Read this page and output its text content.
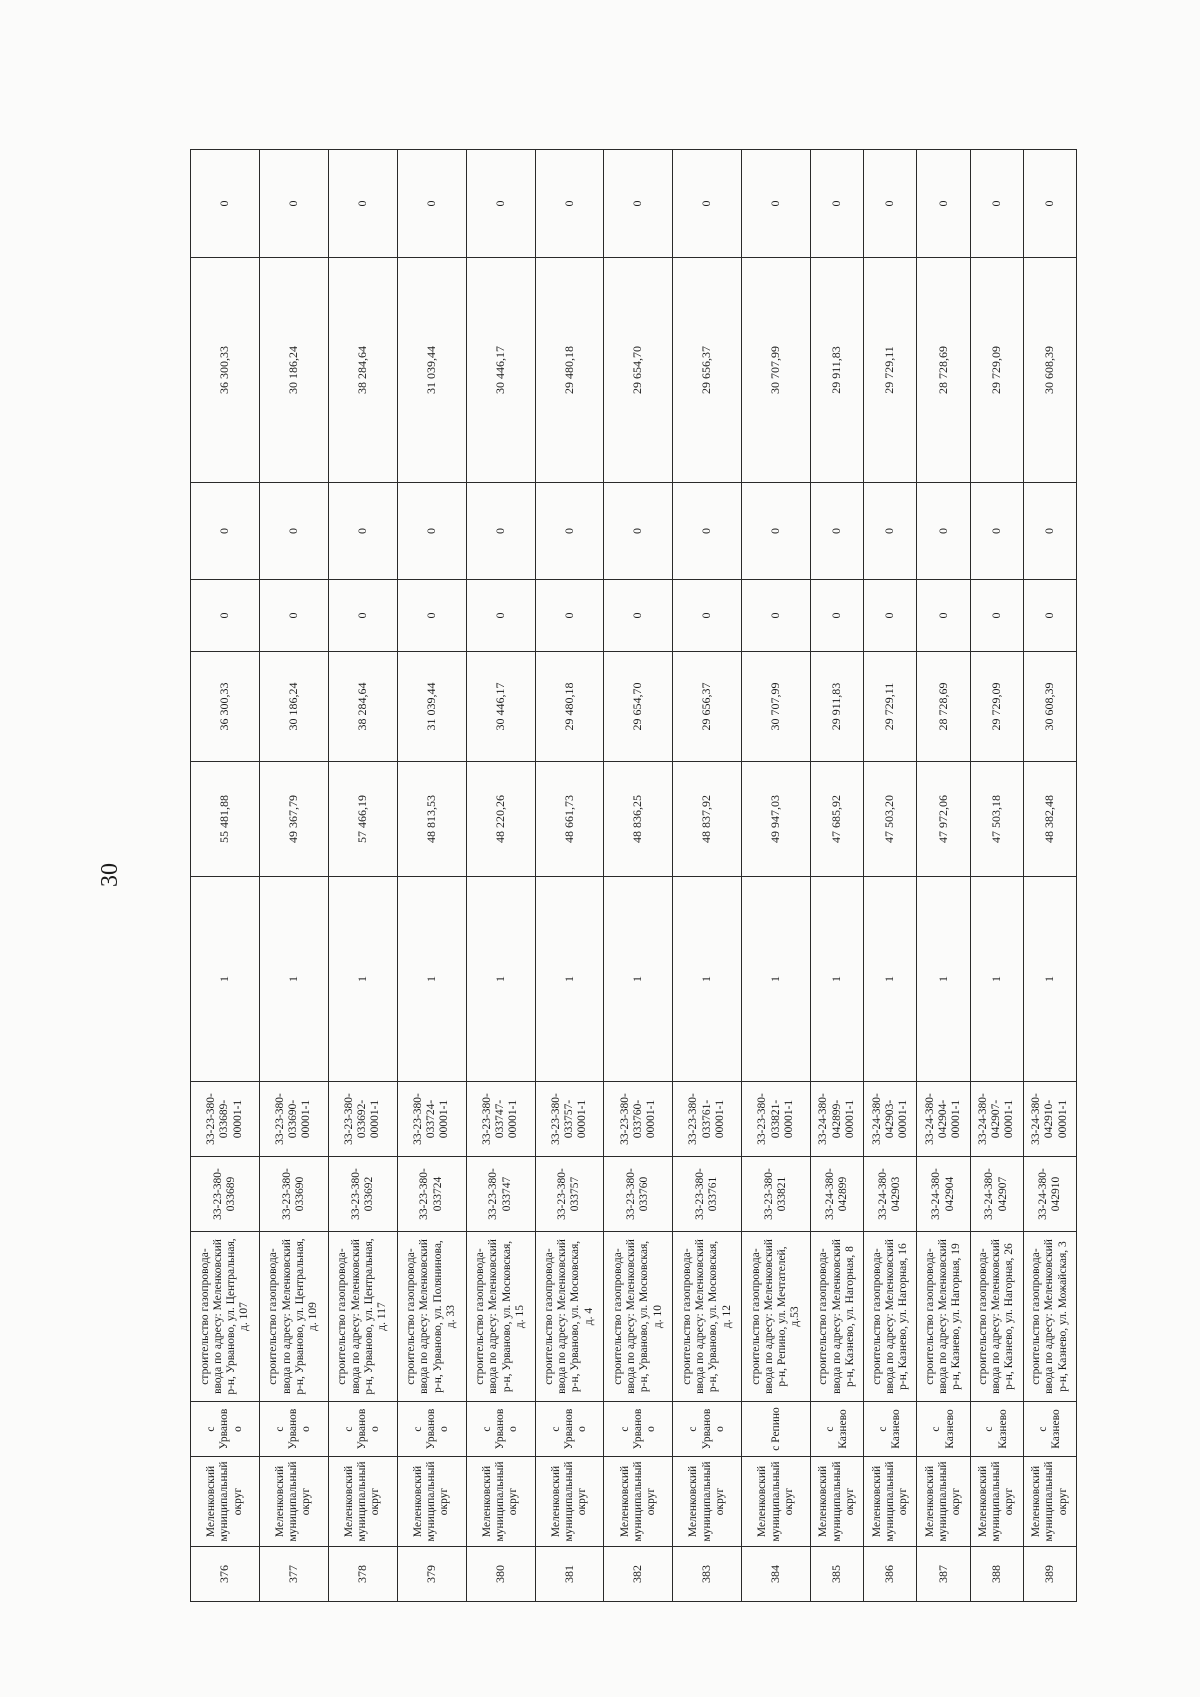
30
376	Меленковский муниципальный округ	с Урванов о	строительство газопровода-ввода по адресу: Меленковский р-н, Урваново, ул. Центральная, д. 107	33-23-380-033689	33-23-380-033689-00001-1	1	55 481,88	36 300,33	0	0	36 300,33	0
377	Меленковский муниципальный округ	с Урванов о	строительство газопровода-ввода по адресу: Меленковский р-н, Урваново, ул. Центральная, д. 109	33-23-380-033690	33-23-380-033690-00001-1	1	49 367,79	30 186,24	0	0	30 186,24	0
378	Меленковский муниципальный округ	с Урванов о	строительство газопровода-ввода по адресу: Меленковский р-н, Урваново, ул. Центральная, д. 117	33-23-380-033692	33-23-380-033692-00001-1	1	57 466,19	38 284,64	0	0	38 284,64	0
379	Меленковский муниципальный округ	с Урванов о	строительство газопровода-ввода по адресу: Меленковский р-н, Урваново, ул. Полянинова, д. 33	33-23-380-033724	33-23-380-033724-00001-1	1	48 813,53	31 039,44	0	0	31 039,44	0
380	Меленковский муниципальный округ	с Урванов о	строительство газопровода-ввода по адресу: Меленковский р-н, Урваново, ул. Московская, д. 15	33-23-380-033747	33-23-380-033747-00001-1	1	48 220,26	30 446,17	0	0	30 446,17	0
381	Меленковский муниципальный округ	с Урванов о	строительство газопровода-ввода по адресу: Меленковский р-н, Урваново, ул. Московская, д. 4	33-23-380-033757	33-23-380-033757-00001-1	1	48 661,73	29 480,18	0	0	29 480,18	0
382	Меленковский муниципальный округ	с Урванов о	строительство газопровода-ввода по адресу: Меленковский р-н, Урваново, ул. Московская, д. 10	33-23-380-033760	33-23-380-033760-00001-1	1	48 836,25	29 654,70	0	0	29 654,70	0
383	Меленковский муниципальный округ	с Урванов о	строительство газопровода-ввода по адресу: Меленковский р-н, Урваново, ул. Московская, д. 12	33-23-380-033761	33-23-380-033761-00001-1	1	48 837,92	29 656,37	0	0	29 656,37	0
384	Меленковский муниципальный округ	с Репино	строительство газопровода-ввода по адресу: Меленковский р-н, Репино, ул. Мечтателей, д.53	33-23-380-033821	33-23-380-033821-00001-1	1	49 947,03	30 707,99	0	0	30 707,99	0
385	Меленковский муниципальный округ	с Казнево	строительство газопровода-ввода по адресу: Меленковский р-н, Казнево, ул. Нагорная, 8	33-24-380-042899	33-24-380-042899-00001-1	1	47 685,92	29 911,83	0	0	29 911,83	0
386	Меленковский муниципальный округ	с Казнево	строительство газопровода-ввода по адресу: Меленковский р-н, Казнево, ул. Нагорная, 16	33-24-380-042903	33-24-380-042903-00001-1	1	47 503,20	29 729,11	0	0	29 729,11	0
387	Меленковский муниципальный округ	с Казнево	строительство газопровода-ввода по адресу: Меленковский р-н, Казнево, ул. Нагорная, 19	33-24-380-042904	33-24-380-042904-00001-1	1	47 972,06	28 728,69	0	0	28 728,69	0
388	Меленковский муниципальный округ	с Казнево	строительство газопровода-ввода по адресу: Меленковский р-н, Казнево, ул. Нагорная, 26	33-24-380-042907	33-24-380-042907-00001-1	1	47 503,18	29 729,09	0	0	29 729,09	0
389	Меленковский муниципальный округ	с Казнево	строительство газопровода-ввода по адресу: Меленковский р-н, Казнево, ул. Можайская, 3	33-24-380-042910	33-24-380-042910-00001-1	1	48 382,48	30 608,39	0	0	30 608,39	0
